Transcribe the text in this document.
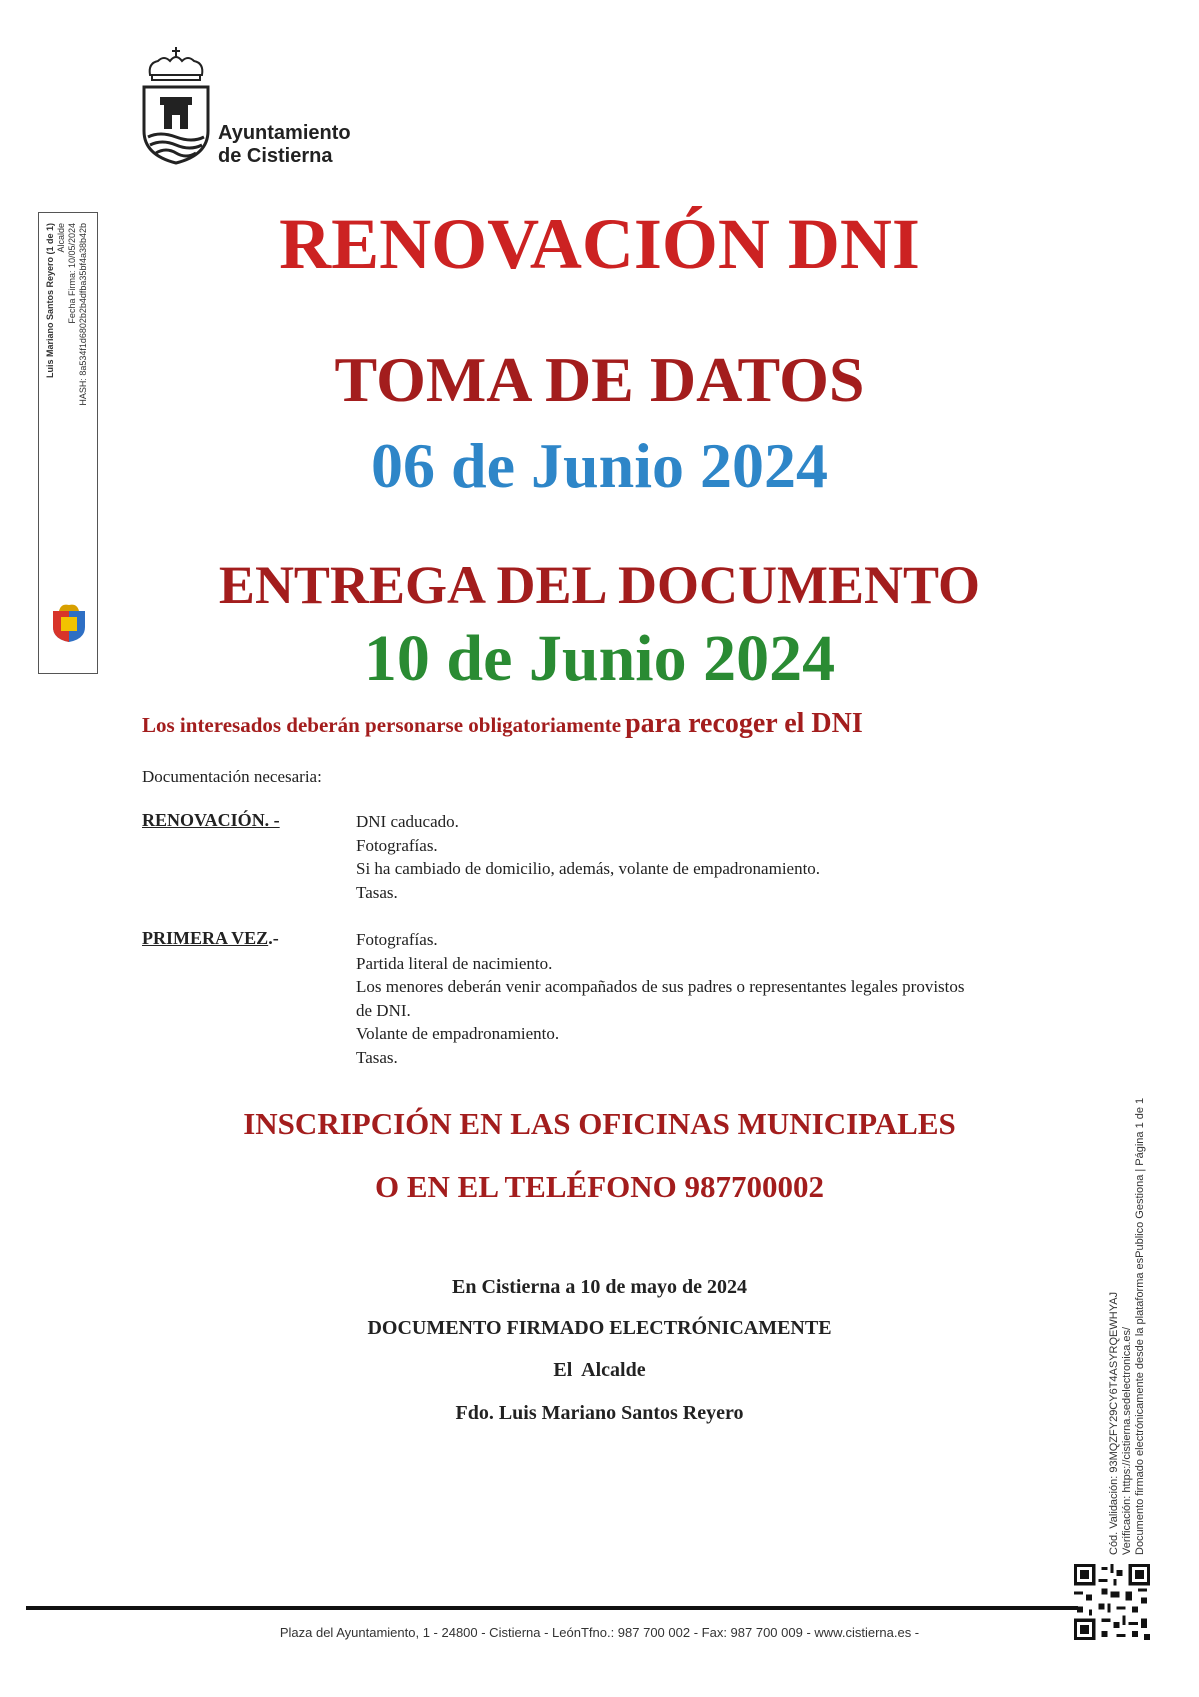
Ayuntamiento
de Cistierna
Luis Mariano Santos Reyero (1 de 1) Alcalde Fecha Firma: 10/05/2024 HASH: 8a534f1d6802b2b4dfba35bf4a38b42b	RENOVACIÓN DNI
TOMA DE DATOS
06 de Junio 2024
ENTREGA DEL DOCUMENTO
10 de Junio 2024
Los interesados deberán personarse obligatoriamente para recoger el DNI
Documentación necesaria:
RENOVACIÓN. -	DNI caducado.
Fotografías.
Si ha cambiado de domicilio, además, volante de empadronamiento.
Tasas.
PRIMERA VEZ.-	Fotografías.
Partida literal de nacimiento.
Los menores deberán venir acompañados de sus padres o representantes legales provistos
de DNI.
Volante de empadronamiento.
Tasas.
INSCRIPCIÓN EN LAS OFICINAS MUNICIPALES
O EN EL TELÉFONO 987700002
En Cistierna a 10 de mayo de 2024
DOCUMENTO FIRMADO ELECTRÓNICAMENTE
El  Alcalde
Fdo. Luis Mariano Santos Reyero	Cód. Validación: 93MQZFY29CY6T4ASYRQEWHYAJ Verificación: https://cistierna.sedelectronica.es/ Documento firmado electrónicamente desde la plataforma esPublico Gestiona | Página 1 de 1
Plaza del Ayuntamiento, 1 - 24800 - Cistierna - LeónTfno.: 987 700 002 - Fax: 987 700 009 - www.cistierna.es -
